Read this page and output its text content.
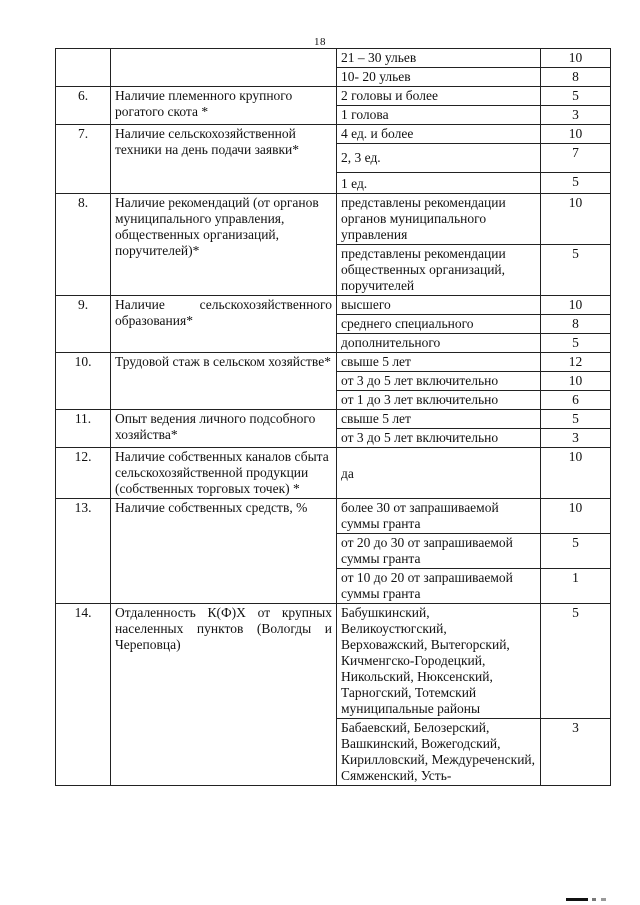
18
		21 – 30 ульев	10
		10- 20 ульев	8
6.	Наличие племенного крупного рогатого скота *	2 головы и более	5
		1 голова	3
7.	Наличие сельскохозяйственной техники на день подачи заявки*	4 ед. и более	10
		2, 3 ед.	7
		1 ед.	5
8.	Наличие рекомендаций (от органов муниципального управления, общественных организаций, поручителей)*	представлены рекомендации органов муниципального управления	10
		представлены рекомендации общественных организаций, поручителей	5
9.	Наличие сельскохозяйственного образования*	высшего	10
		среднего специального	8
		дополнительного	5
10.	Трудовой стаж в сельском хозяйстве*	свыше 5 лет	12
		от 3 до 5 лет включительно	10
		от 1 до 3 лет включительно	6
11.	Опыт ведения личного подсобного хозяйства*	свыше 5 лет	5
		от 3 до 5 лет включительно	3
12.	Наличие собственных каналов сбыта сельскохозяйственной продукции (собственных торговых точек) *	да	10
13.	Наличие собственных средств, %	более 30 от запрашиваемой суммы гранта	10
		от 20 до 30 от запрашиваемой суммы гранта	5
		от 10 до 20 от запрашиваемой суммы гранта	1
14.	Отдаленность К(Ф)Х от крупных населенных пунктов (Вологды и Череповца)	Бабушкинский, Великоустюгский, Верховажский, Вытегорский, Кичменгско-Городецкий, Никольский, Нюксенский, Тарногский, Тотемский муниципальные районы	5
		Бабаевский, Белозерский, Вашкинский, Вожегодский, Кирилловский, Междуреченский, Сямженский, Усть-	3
